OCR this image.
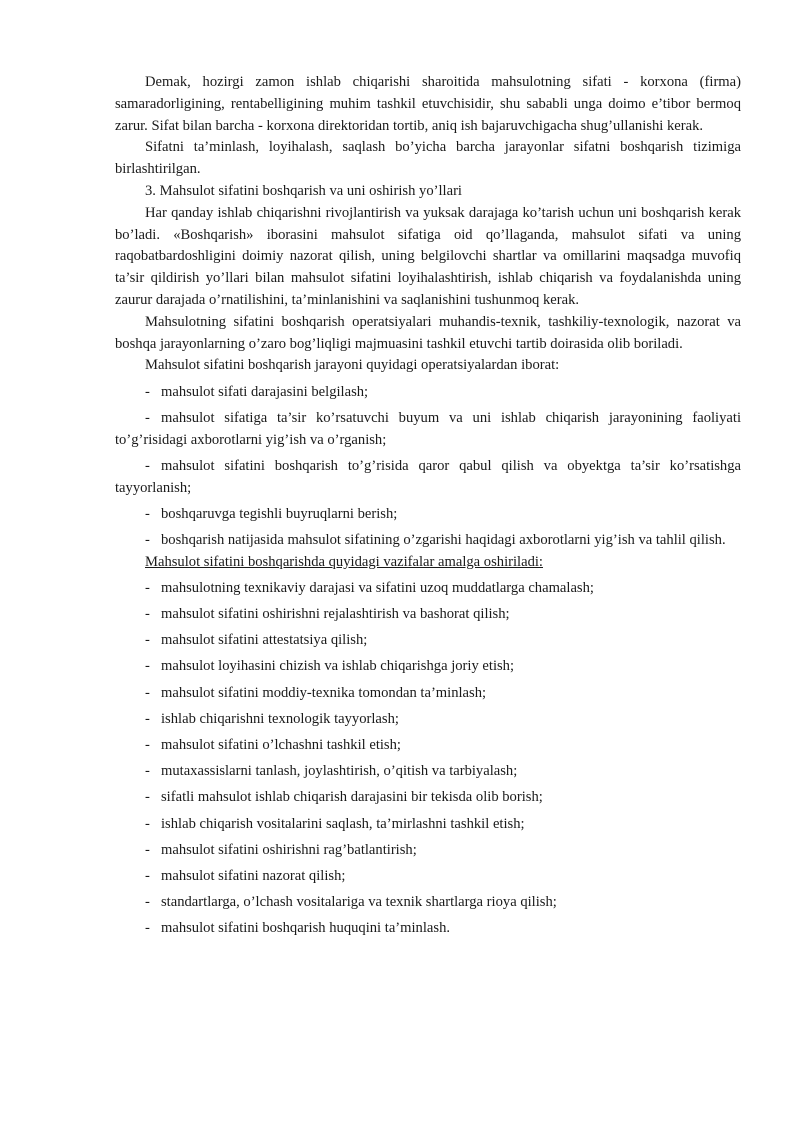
Demak, hozirgi zamon ishlab chiqarishi sharoitida mahsulotning sifati - korxona (firma) samaradorligining, rentabelligining muhim tashkil etuvchisidir, shu sababli unga doimo e’tibor bermoq zarur. Sifat bilan barcha - korxona direktoridan tortib, aniq ish bajaruvchigacha shug’ullanishi kerak.

Sifatni ta’minlash, loyihalash, saqlash bo’yicha barcha jarayonlar sifatni boshqarish tizimiga birlashtirilgan.

3. Mahsulot sifatini boshqarish va uni oshirish yo’llari

Har qanday ishlab chiqarishni rivojlantirish va yuksak darajaga ko’tarish uchun uni boshqarish kerak bo’ladi. «Boshqarish» iborasini mahsulot sifatiga oid qo’llaganda, mahsulot sifati va uning raqobatbardoshligini doimiy nazorat qilish, uning belgilovchi shartlar va omillarini maqsadga muvofiq ta’sir qildirish yo’llari bilan mahsulot sifatini loyihalashtirish, ishlab chiqarish va foydalanishda uning zaurur darajada o’rnatilishini, ta’minlanishini va saqlanishini tushunmoq kerak.

Mahsulotning sifatini boshqarish operatsiyalari muhandis-texnik, tashkiliy-texnologik, nazorat va boshqa jarayonlarning o’zaro bog’liqligi majmuasini tashkil etuvchi tartib doirasida olib boriladi.

Mahsulot sifatini boshqarish jarayoni quyidagi operatsiyalardan iborat:

- mahsulot sifati darajasini belgilash;

- mahsulot sifatiga ta’sir ko’rsatuvchi buyum va uni ishlab chiqarish jarayonining faoliyati to’g’risidagi axborotlarni yig’ish va o’rganish;

- mahsulot sifatini boshqarish to’g’risida qaror qabul qilish va obyektga ta’sir ko’rsatishga tayyorlanish;

- boshqaruvga tegishli buyruqlarni berish;

- boshqarish natijasida mahsulot sifatining o’zgarishi haqidagi axborotlarni yig’ish va tahlil qilish.

Mahsulot sifatini boshqarishda quyidagi vazifalar amalga oshiriladi:

- mahsulotning texnikaviy darajasi va sifatini uzoq muddatlarga chamalash;

- mahsulot sifatini oshirishni rejalashtirish va bashorat qilish;

- mahsulot sifatini attestatsiya qilish;

- mahsulot loyihasini chizish va ishlab chiqarishga joriy etish;

- mahsulot sifatini moddiy-texnika tomondan ta’minlash;

- ishlab chiqarishni texnologik tayyorlash;

- mahsulot sifatini o’lchashni tashkil etish;

- mutaxassislarni tanlash, joylashtirish, o’qitish va tarbiyalash;

- sifatli mahsulot ishlab chiqarish darajasini bir tekisda olib borish;

- ishlab chiqarish vositalarini saqlash, ta’mirlashni tashkil etish;

- mahsulot sifatini oshirishni rag’batlantirish;

- mahsulot sifatini nazorat qilish;

- standartlarga, o’lchash vositalariga va texnik shartlarga rioya qilish;

- mahsulot sifatini boshqarish huquqini ta’minlash.
